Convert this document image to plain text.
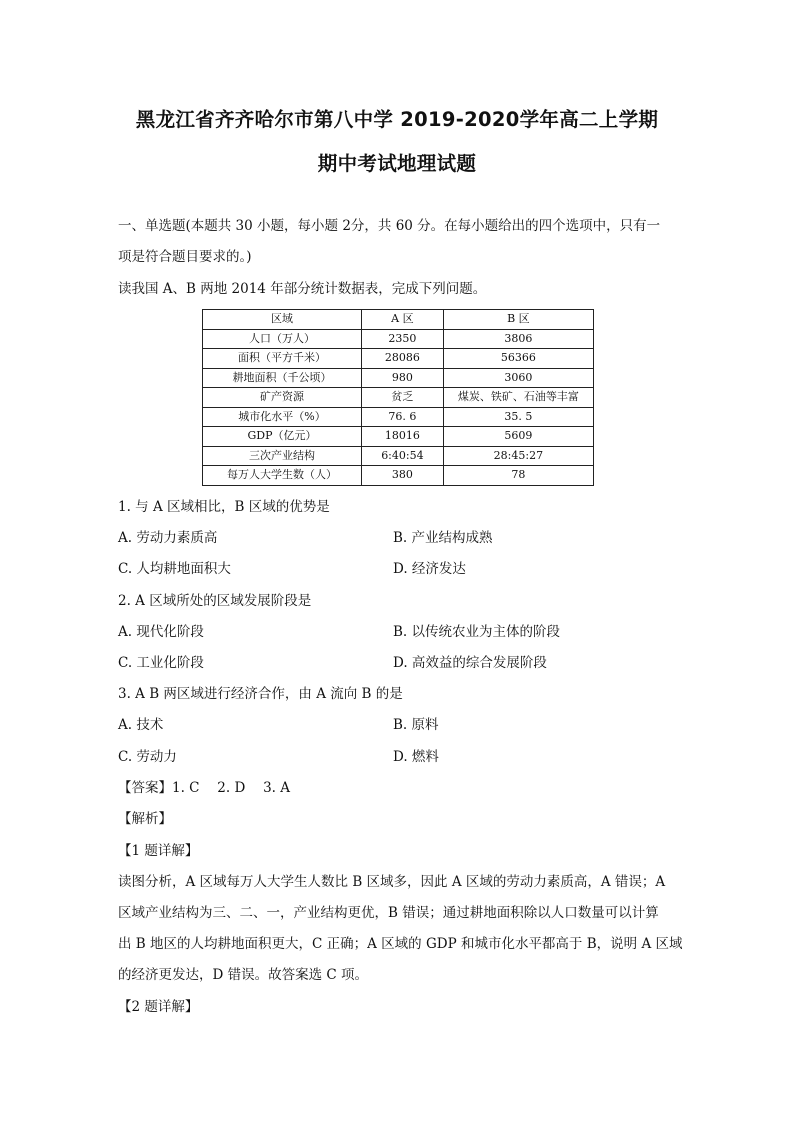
黑龙江省齐齐哈尔市第八中学 2019-2020学年高二上学期
期中考试地理试题
一、单选题(本题共 30 小题，每小题 2分，共 60 分。在每小题给出的四个选项中，只有一
项是符合题目要求的。)
读我国 A、B 两地 2014 年部分统计数据表，完成下列问题。
区域	A 区	B 区
人口（万人）	2350	3806
面积（平方千米）	28086	56366
耕地面积（千公顷）	980	3060
矿产资源	贫乏	煤炭、铁矿、石油等丰富
城市化水平（%）	76. 6	35. 5
GDP（亿元）	18016	5609
三次产业结构	6:40:54	28:45:27
每万人大学生数（人）	380	78
1. 与 A 区域相比，B 区域的优势是
A. 劳动力素质高	B. 产业结构成熟
C. 人均耕地面积大	D. 经济发达
2. A 区域所处的区域发展阶段是
A. 现代化阶段	B. 以传统农业为主体的阶段
C. 工业化阶段	D. 高效益的综合发展阶段
3. A B 两区域进行经济合作，由 A 流向 B 的是
A. 技术	B. 原料
C. 劳动力	D. 燃料
【答案】1. C　 2. D　 3. A
【解析】
【1 题详解】
读图分析，A 区域每万人大学生人数比 B 区域多，因此 A 区域的劳动力素质高，A 错误；A
区域产业结构为三、二、一，产业结构更优，B 错误；通过耕地面积除以人口数量可以计算
出 B 地区的人均耕地面积更大，C 正确；A 区域的 GDP 和城市化水平都高于 B，说明 A 区域
的经济更发达，D 错误。故答案选 C 项。
【2 题详解】
